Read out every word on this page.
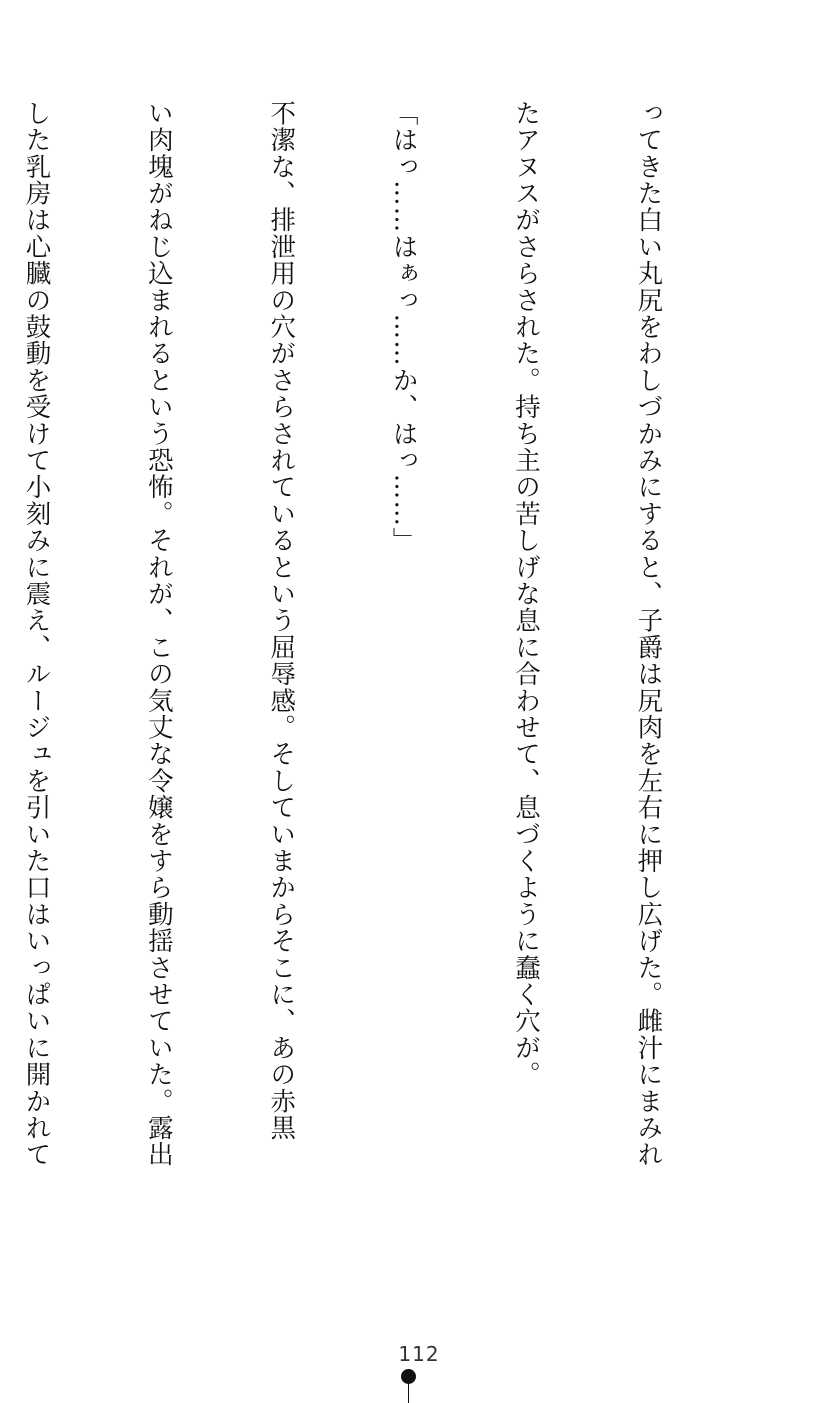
ってきた白い丸尻をわしづかみにすると、子爵は尻肉を左右に押し広げた。雌汁にまみれ

たアヌスがさらされた。持ち主の苦しげな息に合わせて、息づくように蠢く穴が。

「はっ……はぁっ……か、はっ……」

不潔な、排泄用の穴がさらされているという屈辱感。そしていまからそこに、あの赤黒

い肉塊がねじ込まれるという恐怖。それが、この気丈な令嬢をすら動揺させていた。露出

した乳房は心臓の鼓動を受けて小刻みに震え、ルージュを引いた口はいっぱいに開かれて

112
